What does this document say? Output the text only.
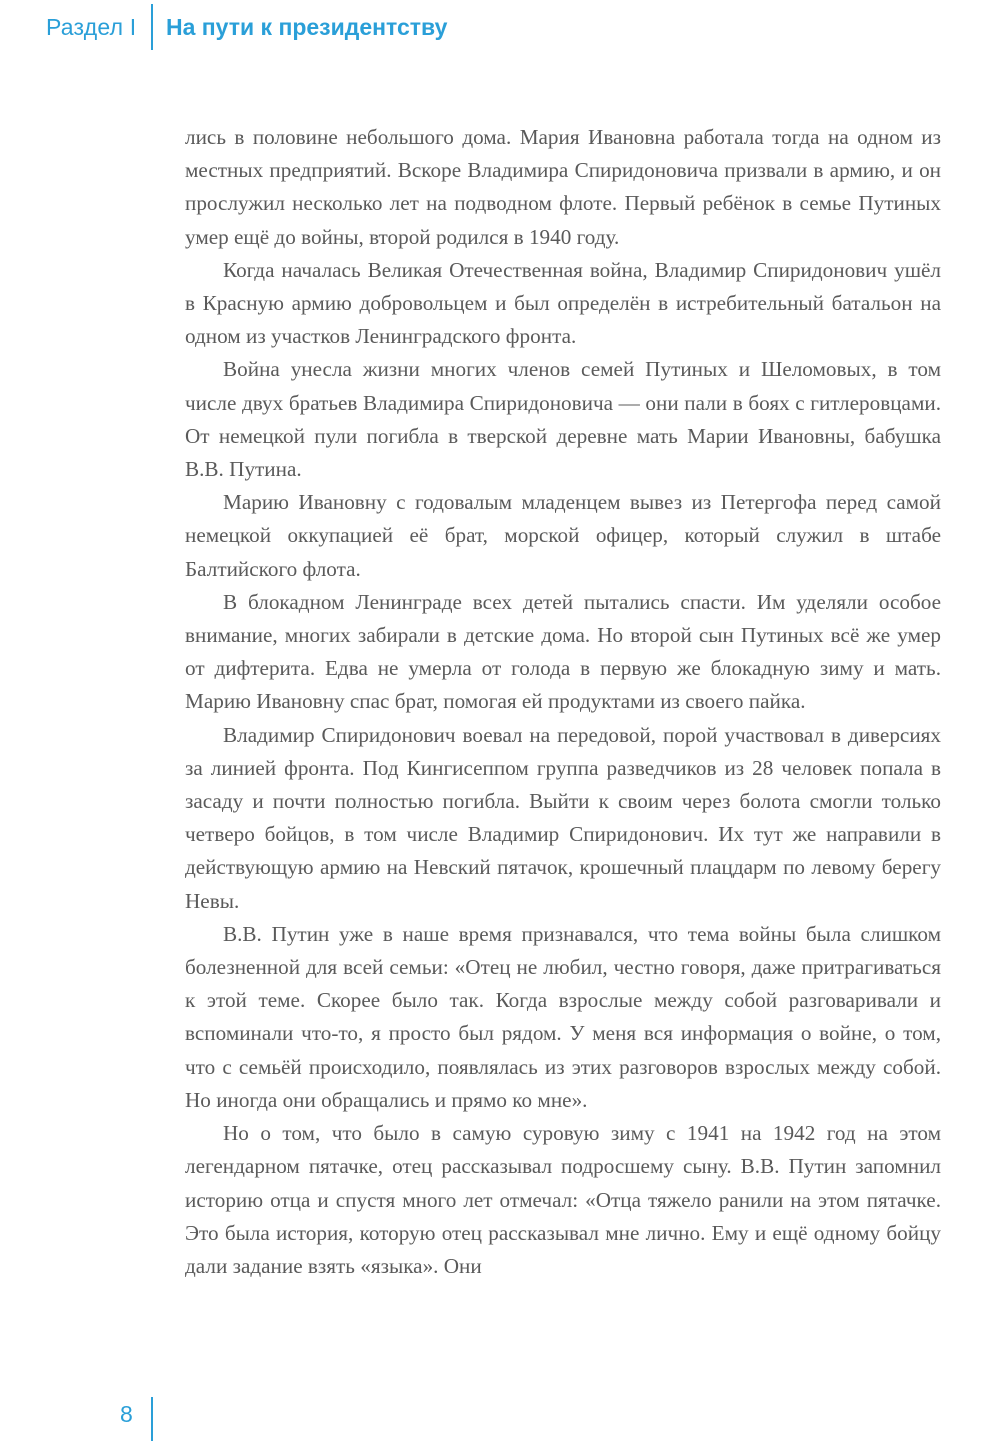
Раздел I На пути к президентству

лись в половине небольшого дома. Мария Ивановна работала тогда на одном из местных предприятий. Вскоре Владимира Спиридоновича призвали в армию, и он прослужил несколько лет на подводном флоте. Первый ребёнок в семье Путиных умер ещё до войны, второй родился в 1940 году.

Когда началась Великая Отечественная война, Владимир Спиридонович ушёл в Красную армию добровольцем и был определён в истребительный батальон на одном из участков Ленинградского фронта.

Война унесла жизни многих членов семей Путиных и Шеломовых, в том числе двух братьев Владимира Спиридоновича — они пали в боях с гитлеровцами. От немецкой пули погибла в тверской деревне мать Марии Ивановны, бабушка В.В. Путина.

Марию Ивановну с годовалым младенцем вывез из Петергофа перед самой немецкой оккупацией её брат, морской офицер, который служил в штабе Балтийского флота.

В блокадном Ленинграде всех детей пытались спасти. Им уделяли особое внимание, многих забирали в детские дома. Но второй сын Путиных всё же умер от дифтерита. Едва не умерла от голода в первую же блокадную зиму и мать. Марию Ивановну спас брат, помогая ей продуктами из своего пайка.

Владимир Спиридонович воевал на передовой, порой участвовал в диверсиях за линией фронта. Под Кингисеппом группа разведчиков из 28 человек попала в засаду и почти полностью погибла. Выйти к своим через болота смогли только четверо бойцов, в том числе Владимир Спиридонович. Их тут же направили в действующую армию на Невский пятачок, крошечный плацдарм по левому берегу Невы.

В.В. Путин уже в наше время признавался, что тема войны была слишком болезненной для всей семьи: «Отец не любил, честно говоря, даже притрагиваться к этой теме. Скорее было так. Когда взрослые между собой разговаривали и вспоминали что-то, я просто был рядом. У меня вся информация о войне, о том, что с семьёй происходило, появлялась из этих разговоров взрослых между собой. Но иногда они обращались и прямо ко мне».

Но о том, что было в самую суровую зиму с 1941 на 1942 год на этом легендарном пятачке, отец рассказывал подросшему сыну. В.В. Путин запомнил историю отца и спустя много лет отмечал: «Отца тяжело ранили на этом пятачке. Это была история, которую отец рассказывал мне лично. Ему и ещё одному бойцу дали задание взять «языка». Они

8
